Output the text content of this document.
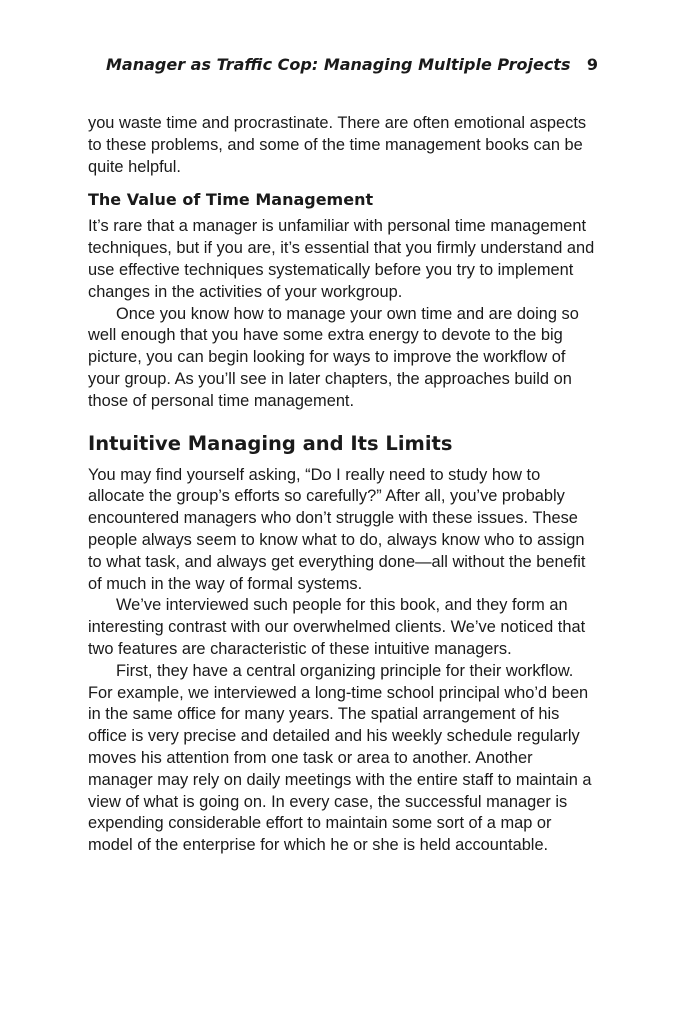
Manager as Traffic Cop: Managing Multiple Projects 9

you waste time and procrastinate. There are often emotional aspects to these problems, and some of the time management books can be quite helpful.

The Value of Time Management

It’s rare that a manager is unfamiliar with personal time management techniques, but if you are, it’s essential that you firmly understand and use effective techniques systematically before you try to implement changes in the activities of your workgroup.

Once you know how to manage your own time and are doing so well enough that you have some extra energy to devote to the big picture, you can begin looking for ways to improve the workflow of your group. As you’ll see in later chapters, the approaches build on those of personal time management.

Intuitive Managing and Its Limits

You may find yourself asking, “Do I really need to study how to allocate the group’s efforts so carefully?” After all, you’ve probably encountered managers who don’t struggle with these issues. These people always seem to know what to do, always know who to assign to what task, and always get everything done—all without the benefit of much in the way of formal systems.

We’ve interviewed such people for this book, and they form an interesting contrast with our overwhelmed clients. We’ve noticed that two features are characteristic of these intuitive managers.

First, they have a central organizing principle for their workflow. For example, we interviewed a long-time school principal who’d been in the same office for many years. The spatial arrangement of his office is very precise and detailed and his weekly schedule regularly moves his attention from one task or area to another. Another manager may rely on daily meetings with the entire staff to maintain a view of what is going on. In every case, the successful manager is expending considerable effort to maintain some sort of a map or model of the enterprise for which he or she is held accountable.
